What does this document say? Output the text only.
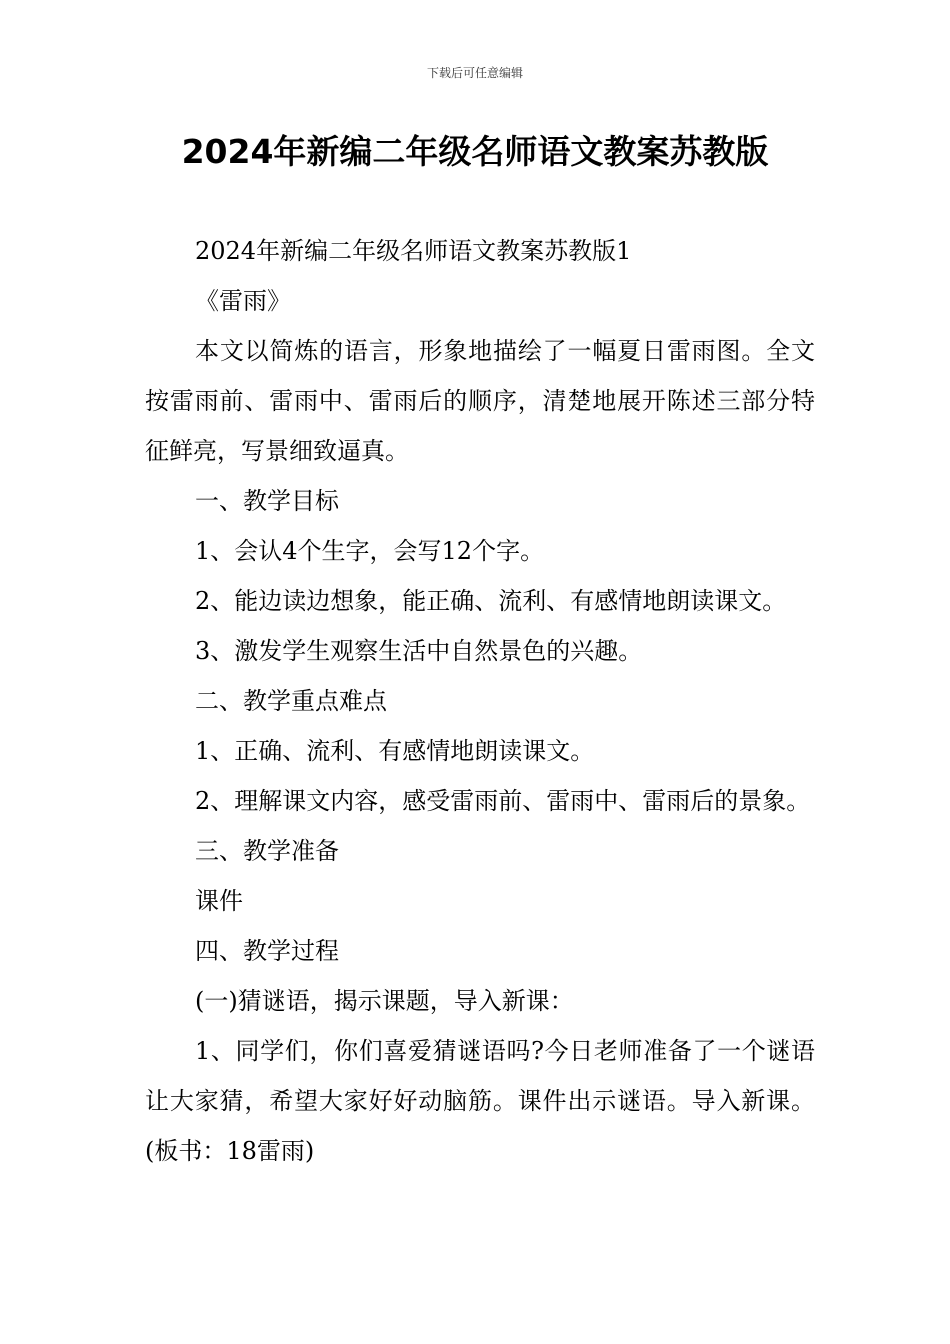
下载后可任意编辑
2024年新编二年级名师语文教案苏教版

2024年新编二年级名师语文教案苏教版1

《雷雨》

本文以简炼的语言，形象地描绘了一幅夏日雷雨图。全文按雷雨前、雷雨中、雷雨后的顺序，清楚地展开陈述三部分特征鲜亮，写景细致逼真。

一、教学目标

1、会认4个生字，会写12个字。

2、能边读边想象，能正确、流利、有感情地朗读课文。

3、激发学生观察生活中自然景色的兴趣。

二、教学重点难点

1、正确、流利、有感情地朗读课文。

2、理解课文内容，感受雷雨前、雷雨中、雷雨后的景象。

三、教学准备

课件

四、教学过程

(一)猜谜语，揭示课题，导入新课：

1、同学们，你们喜爱猜谜语吗?今日老师准备了一个谜语让大家猜，希望大家好好动脑筋。课件出示谜语。导入新课。(板书：18雷雨)
